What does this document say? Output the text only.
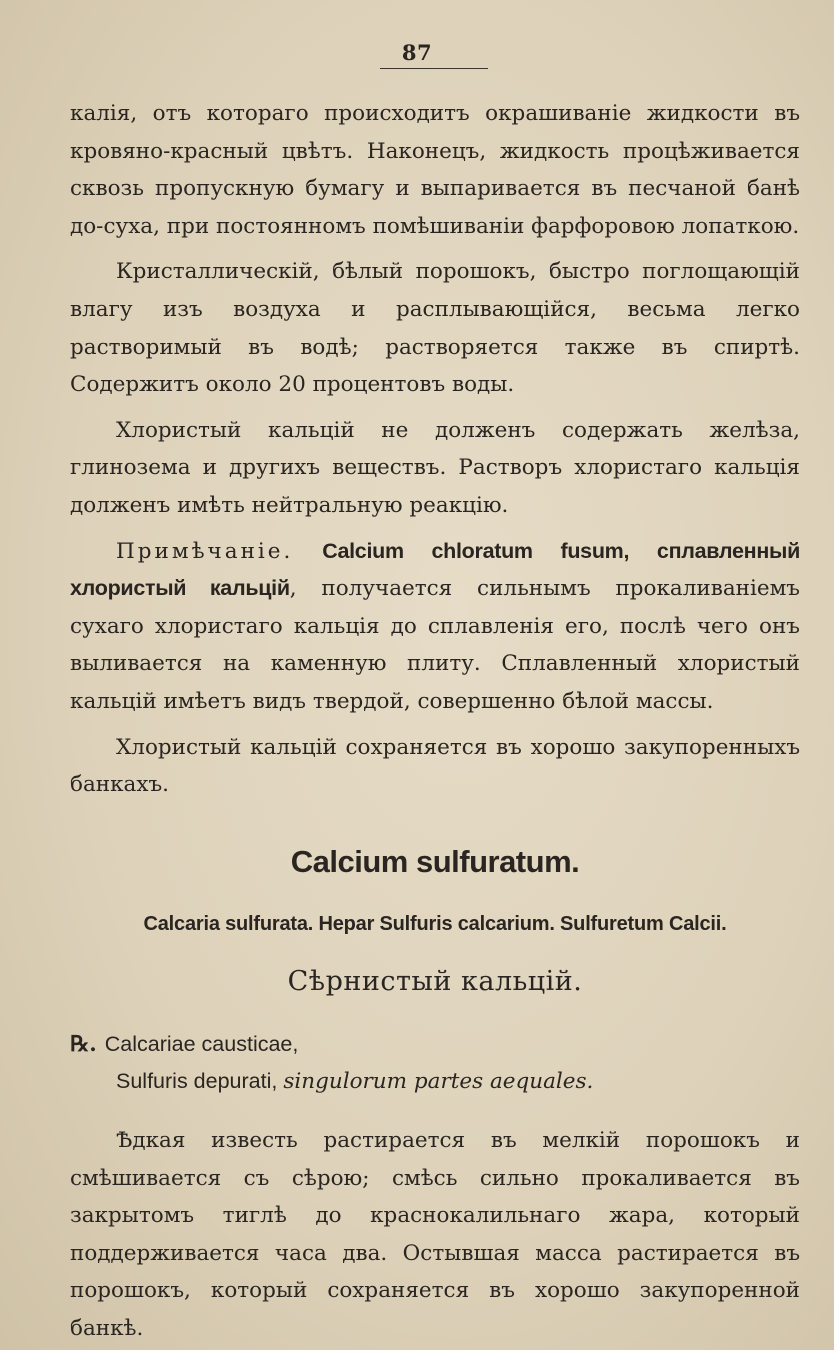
87

калія, отъ котораго происходитъ окрашиваніе жидкости въ кровяно-красный цвѣтъ. Наконецъ, жидкость процѣживается сквозь пропускную бумагу и выпаривается въ песчаной банѣ до-суха, при постоянномъ помѣшиваніи фарфоровою лопаткою.

Кристаллическій, бѣлый порошокъ, быстро поглощающій влагу изъ воздуха и расплывающійся, весьма легко растворимый въ водѣ; растворяется также въ спиртѣ. Содержитъ около 20 процентовъ воды.

Хлористый кальцій не долженъ содержать желѣза, глинозема и другихъ веществъ. Растворъ хлористаго кальція долженъ имѣть нейтральную реакцію.

Примѣчаніе. Calcium chloratum fusum, сплавленный хлористый кальцій, получается сильнымъ прокаливаніемъ сухаго хлористаго кальція до сплавленія его, послѣ чего онъ выливается на каменную плиту. Сплавленный хлористый кальцій имѣетъ видъ твердой, совершенно бѣлой массы.

Хлористый кальцій сохраняется въ хорошо закупоренныхъ банкахъ.

Calcium sulfuratum.

Calcaria sulfurata. Hepar Sulfuris calcarium. Sulfuretum Calcii.

Сѣрнистый кальцій.

℞. Calcariae causticae,
Sulfuris depurati, singulorum partes aequales.

Ѣдкая известь растирается въ мелкій порошокъ и смѣшивается съ сѣрою; смѣсь сильно прокаливается въ закрытомъ тиглѣ до краснокалильнаго жара, который поддерживается часа два. Остывшая масса растирается въ порошокъ, который сохраняется въ хорошо закупоренной банкѣ.
